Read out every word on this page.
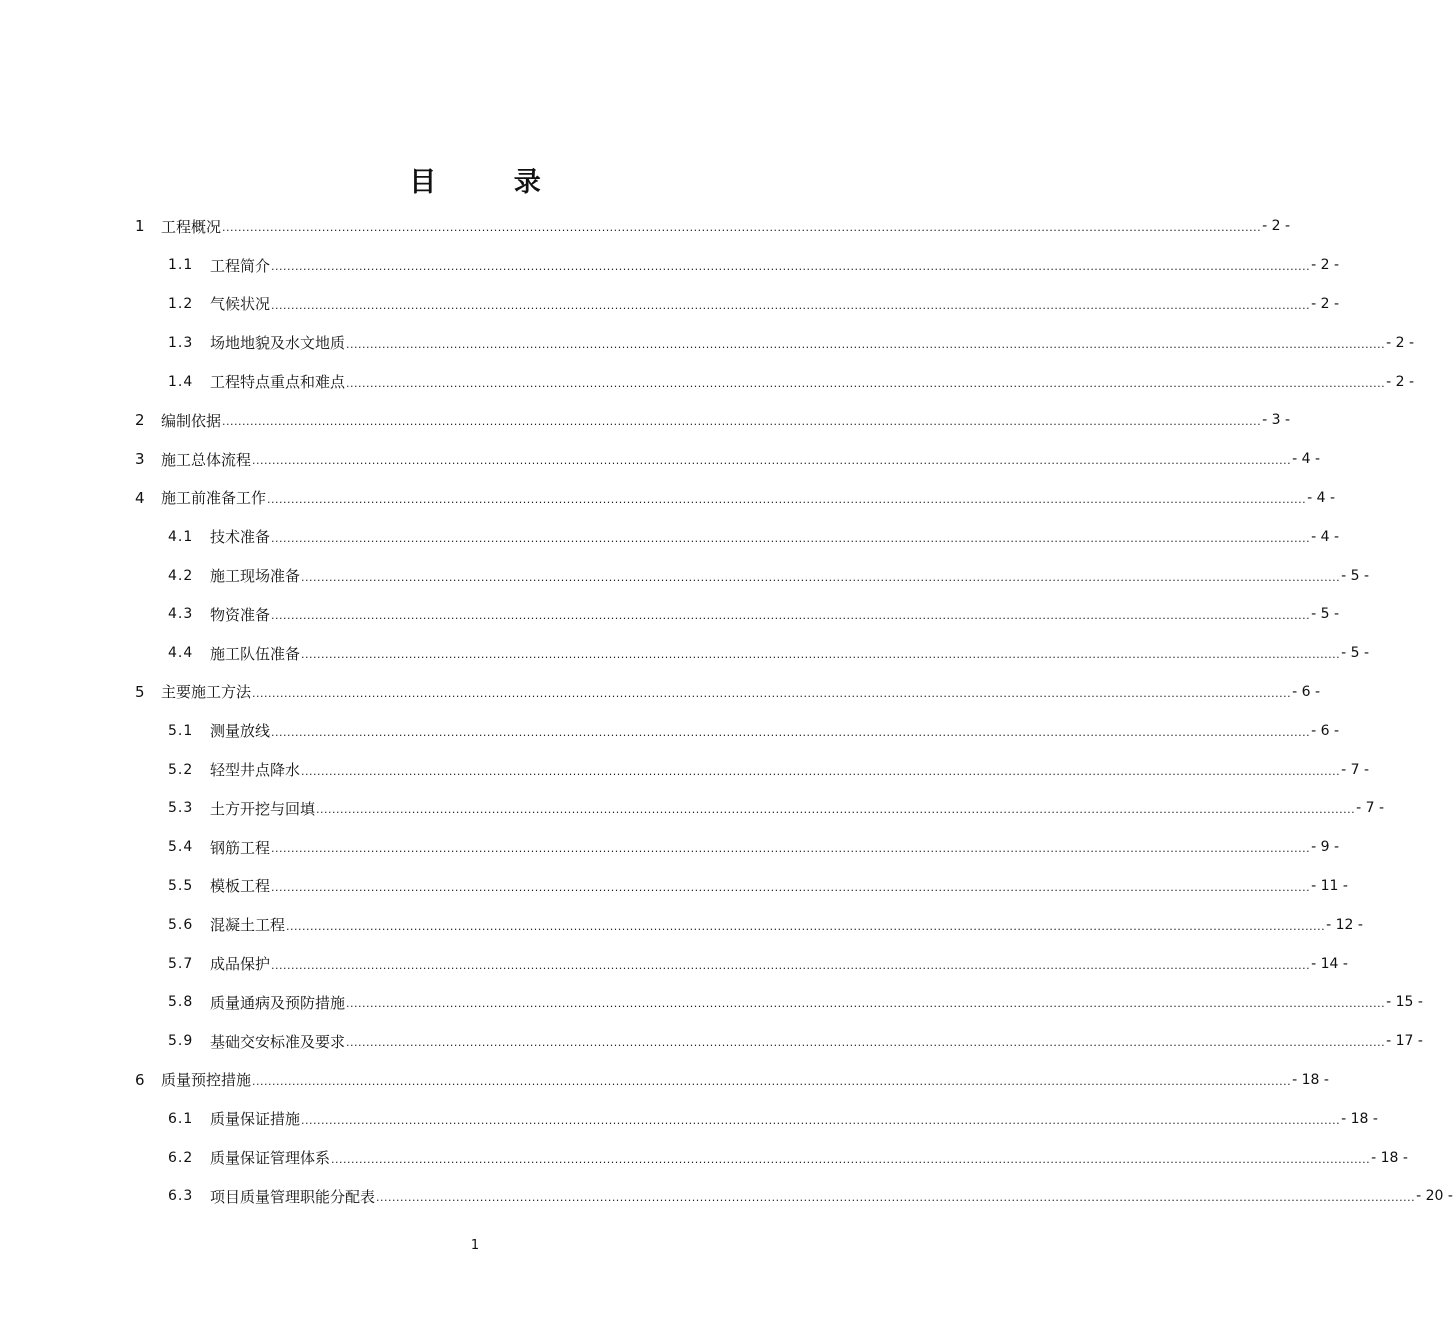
目 录
1	工程概况 .................................................................................................................................................................................................................................................................... - 2 -
1.1	工程简介 .................................................................................................................................................................................................................................................................... - 2 -
1.2	气候状况 .................................................................................................................................................................................................................................................................... - 2 -
1.3	场地地貌及水文地质 .................................................................................................................................................................................................................................................................... - 2 -
1.4	工程特点重点和难点 .................................................................................................................................................................................................................................................................... - 2 -
2	编制依据 .................................................................................................................................................................................................................................................................... - 3 -
3	施工总体流程 .................................................................................................................................................................................................................................................................... - 4 -
4	施工前准备工作 .................................................................................................................................................................................................................................................................... - 4 -
4.1	技术准备 .................................................................................................................................................................................................................................................................... - 4 -
4.2	施工现场准备 .................................................................................................................................................................................................................................................................... - 5 -
4.3	物资准备 .................................................................................................................................................................................................................................................................... - 5 -
4.4	施工队伍准备 .................................................................................................................................................................................................................................................................... - 5 -
5	主要施工方法 .................................................................................................................................................................................................................................................................... - 6 -
5.1	测量放线 .................................................................................................................................................................................................................................................................... - 6 -
5.2	轻型井点降水 .................................................................................................................................................................................................................................................................... - 7 -
5.3	土方开挖与回填 .................................................................................................................................................................................................................................................................... - 7 -
5.4	钢筋工程 .................................................................................................................................................................................................................................................................... - 9 -
5.5	模板工程 .................................................................................................................................................................................................................................................................... - 11 -
5.6	混凝土工程 .................................................................................................................................................................................................................................................................... - 12 -
5.7	成品保护 .................................................................................................................................................................................................................................................................... - 14 -
5.8	质量通病及预防措施 .................................................................................................................................................................................................................................................................... - 15 -
5.9	基础交安标准及要求 .................................................................................................................................................................................................................................................................... - 17 -
6	质量预控措施 .................................................................................................................................................................................................................................................................... - 18 -
6.1	质量保证措施 .................................................................................................................................................................................................................................................................... - 18 -
6.2	质量保证管理体系 .................................................................................................................................................................................................................................................................... - 18 -
6.3	项目质量管理职能分配表 .................................................................................................................................................................................................................................................................... - 20 -
1
